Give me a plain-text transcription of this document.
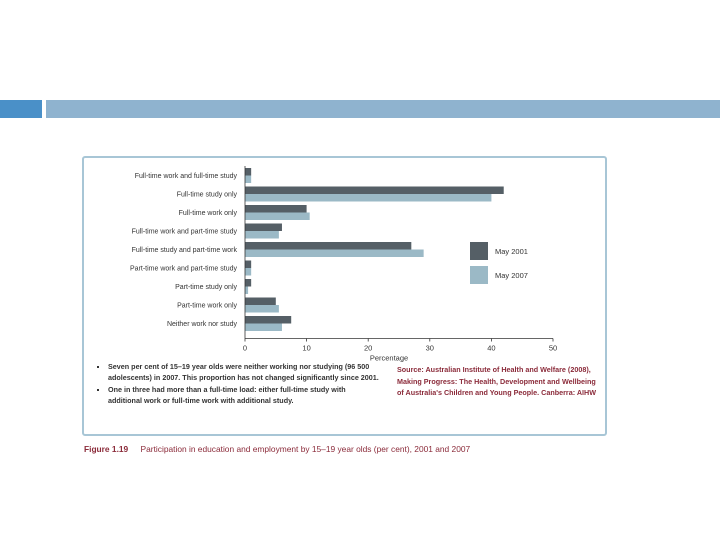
Full-time work and full-time study
Full-time study only
Full-time work only
Full-time work and part-time study
Full-time study and part-time work
Part-time work and part-time study
Part-time study only
Part-time work only
Neither work nor study
0	10	20	30	40	50
Percentage
May 2001
May 2007
▪ Seven per cent of 15–19 year olds were neither working nor studying (96 500 adolescents) in 2007. This proportion has not changed significantly since 2001.
▪ One in three had more than a full-time load: either full-time study with additional work or full-time work with additional study.
Source: Australian Institute of Health and Welfare (2008), Making Progress: The Health, Development and Wellbeing of Australia's Children and Young People. Canberra: AIHW
Figure 1.19 Participation in education and employment by 15–19 year olds (per cent), 2001 and 2007
